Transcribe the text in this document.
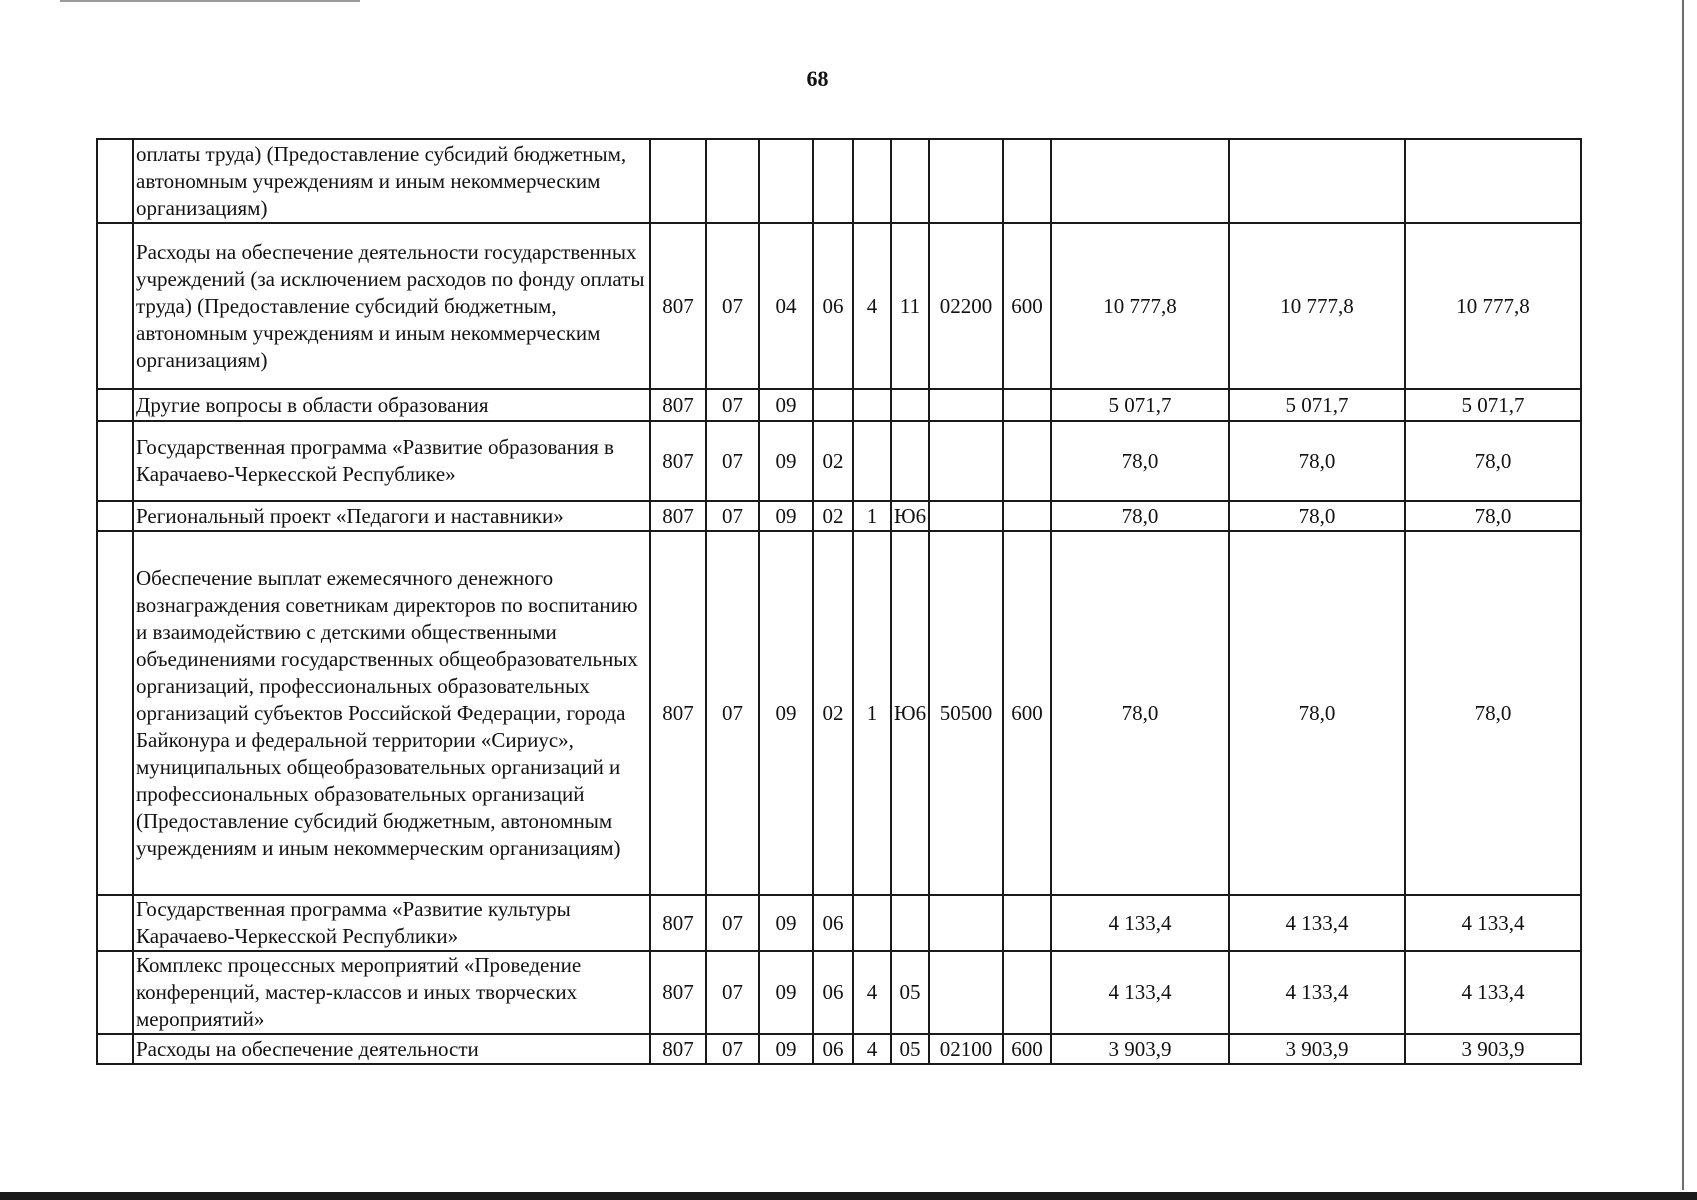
68
	оплаты труда) (Предоставление субсидий бюджетным, автономным учреждениям и иным некоммерческим организациям)											
	Расходы на обеспечение деятельности государственных учреждений (за исключением расходов по фонду оплаты труда) (Предоставление субсидий бюджетным, автономным учреждениям и иным некоммерческим организациям)	807	07	04	06	4	11	02200	600	10 777,8	10 777,8	10 777,8
	Другие вопросы в области образования	807	07	09						5 071,7	5 071,7	5 071,7
	Государственная программа «Развитие образования в Карачаево-Черкесской Республике»	807	07	09	02					78,0	78,0	78,0
	Региональный проект «Педагоги и наставники»	807	07	09	02	1	Ю6			78,0	78,0	78,0
	Обеспечение выплат ежемесячного денежного вознаграждения советникам директоров по воспитанию и взаимодействию с детскими общественными объединениями государственных общеобразовательных организаций, профессиональных образовательных организаций субъектов Российской Федерации, города Байконура и федеральной территории «Сириус», муниципальных общеобразовательных организаций и профессиональных образовательных организаций (Предоставление субсидий бюджетным, автономным учреждениям и иным некоммерческим организациям)	807	07	09	02	1	Ю6	50500	600	78,0	78,0	78,0
	Государственная программа «Развитие культуры Карачаево-Черкесской Республики»	807	07	09	06					4 133,4	4 133,4	4 133,4
	Комплекс процессных мероприятий «Проведение конференций, мастер-классов и иных творческих мероприятий»	807	07	09	06	4	05			4 133,4	4 133,4	4 133,4
	Расходы на обеспечение деятельности	807	07	09	06	4	05	02100	600	3 903,9	3 903,9	3 903,9
